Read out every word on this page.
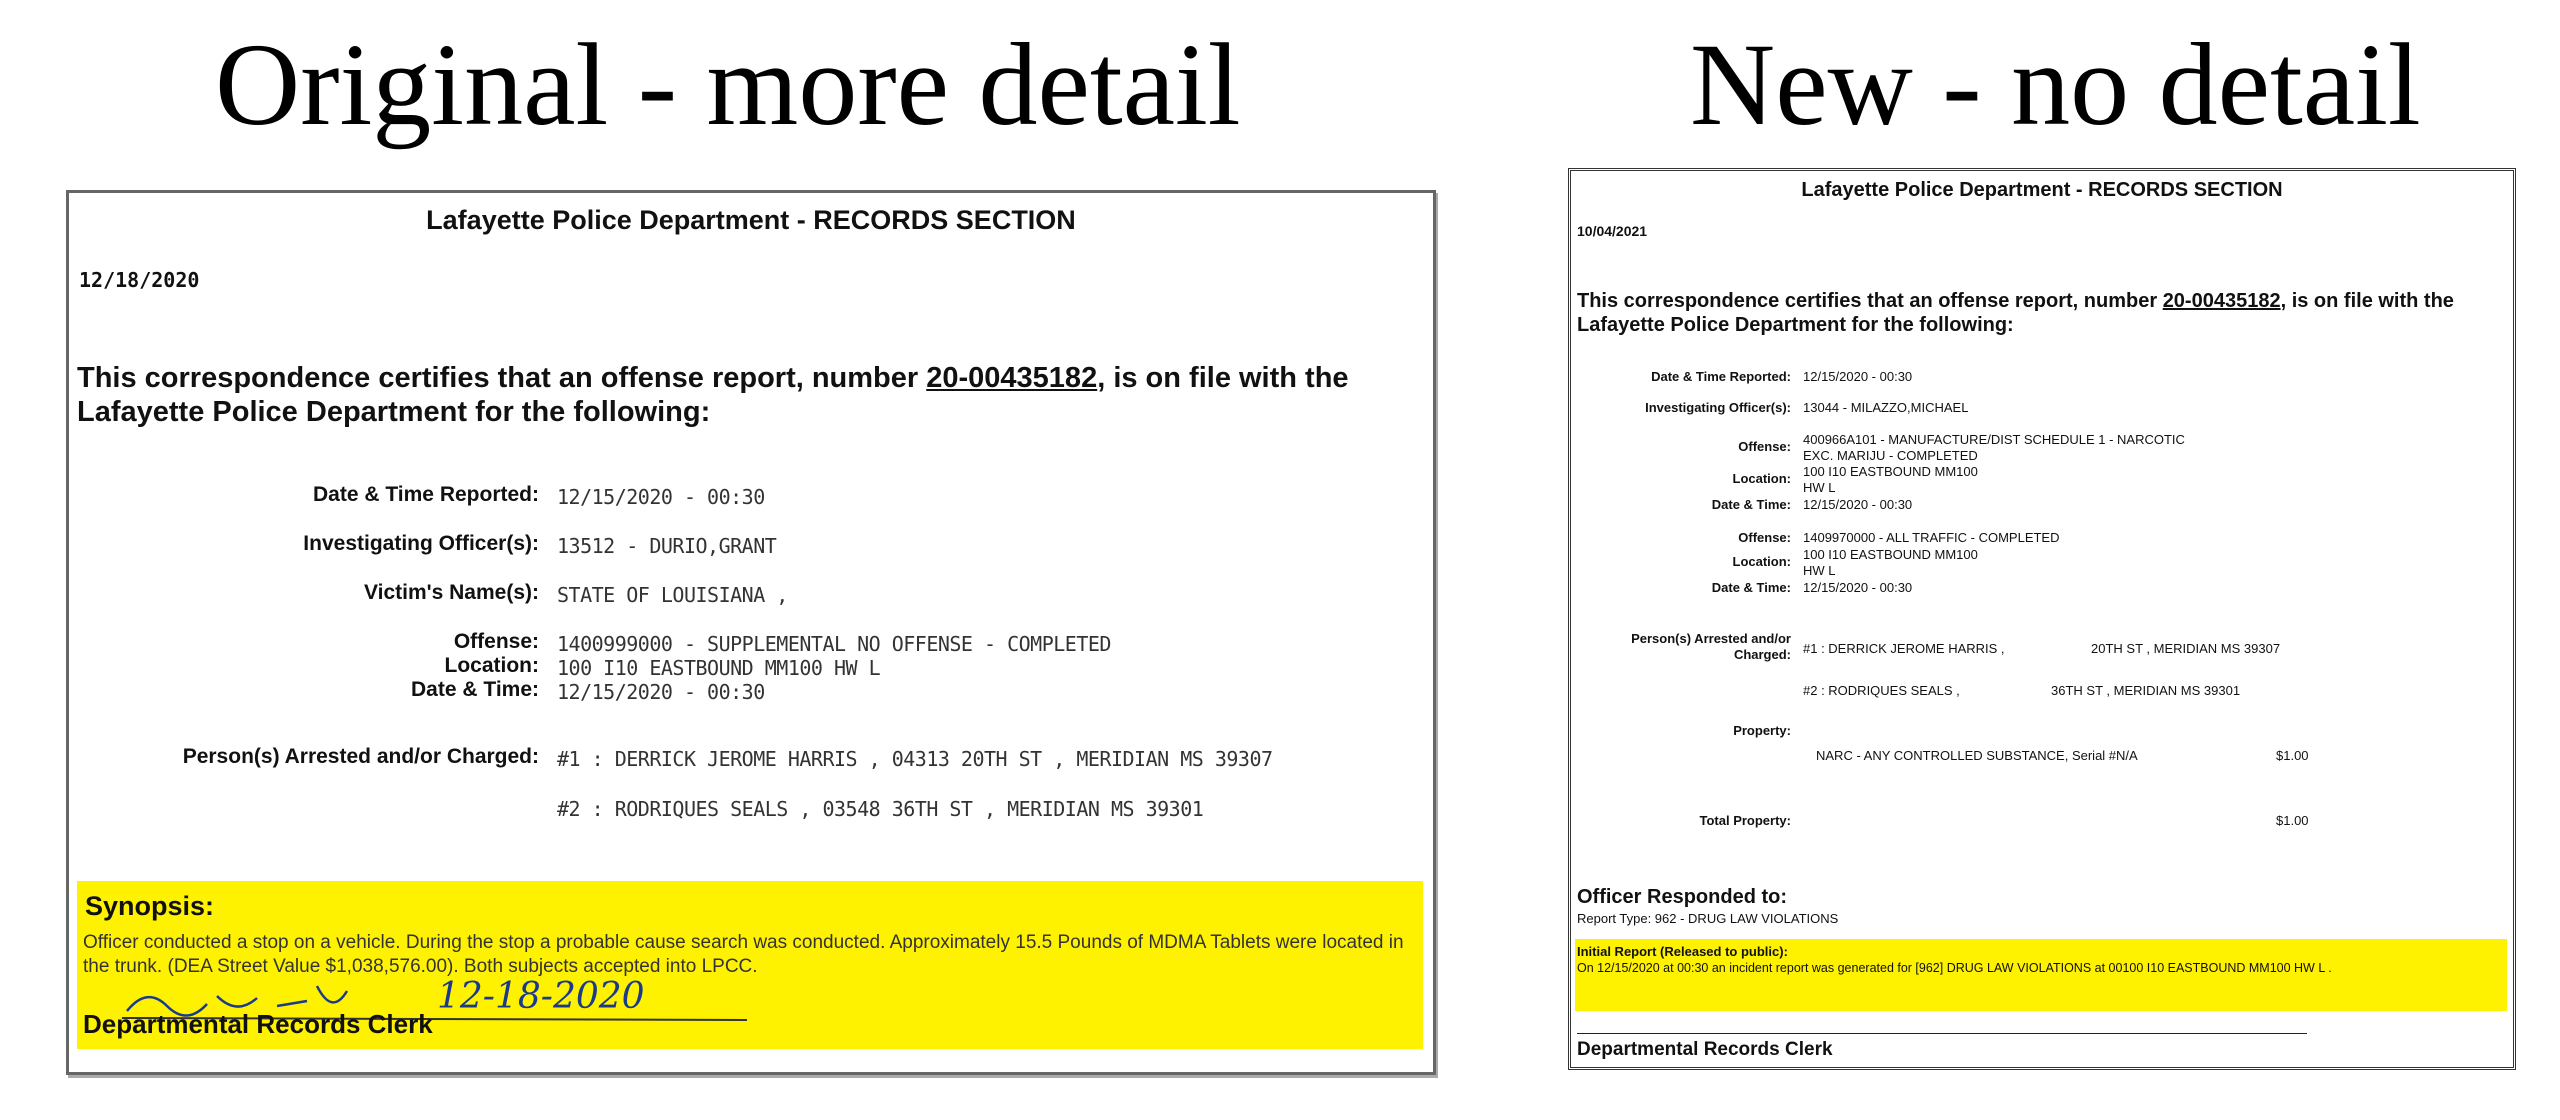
Original - more detail	New - no detail
Lafayette Police Department - RECORDS SECTION
12/18/2020
This correspondence certifies that an offense report, number 20-00435182, is on file with the Lafayette Police Department for the following:
Date & Time Reported: 12/15/2020 - 00:30
Investigating Officer(s): 13512 - DURIO,GRANT
Victim's Name(s): STATE OF LOUISIANA ,
Offense: 1400999000 - SUPPLEMENTAL NO OFFENSE - COMPLETED
Location: 100 I10 EASTBOUND MM100 HW L
Date & Time: 12/15/2020 - 00:30
Person(s) Arrested and/or Charged: #1 : DERRICK JEROME HARRIS , 04313 20TH ST , MERIDIAN MS 39307
#2 : RODRIQUES SEALS , 03548 36TH ST , MERIDIAN MS 39301
Synopsis:
Officer conducted a stop on a vehicle. During the stop a probable cause search was conducted. Approximately 15.5 Pounds of MDMA Tablets were located in the trunk. (DEA Street Value $1,038,576.00). Both subjects accepted into LPCC.
12-18-2020
Departmental Records Clerk
Lafayette Police Department - RECORDS SECTION
10/04/2021
This correspondence certifies that an offense report, number 20-00435182, is on file with the Lafayette Police Department for the following:
Date & Time Reported: 12/15/2020 - 00:30
Investigating Officer(s): 13044 - MILAZZO,MICHAEL
Offense: 400966A101 - MANUFACTURE/DIST SCHEDULE 1 - NARCOTIC
EXC. MARIJU - COMPLETED
Location: 100 I10 EASTBOUND MM100
HW L
Date & Time: 12/15/2020 - 00:30
Offense: 1409970000 - ALL TRAFFIC - COMPLETED
Location: 100 I10 EASTBOUND MM100
HW L
Date & Time: 12/15/2020 - 00:30
Person(s) Arrested and/or
Charged: #1 : DERRICK JEROME HARRIS ,	20TH ST , MERIDIAN MS 39307
#2 : RODRIQUES SEALS ,	36TH ST , MERIDIAN MS 39301
Property:
NARC - ANY CONTROLLED SUBSTANCE, Serial #N/A	$1.00
Total Property:	$1.00
Officer Responded to:
Report Type: 962 - DRUG LAW VIOLATIONS
Initial Report (Released to public):
On 12/15/2020 at 00:30 an incident report was generated for [962] DRUG LAW VIOLATIONS at 00100 I10 EASTBOUND MM100 HW L .
Departmental Records Clerk
